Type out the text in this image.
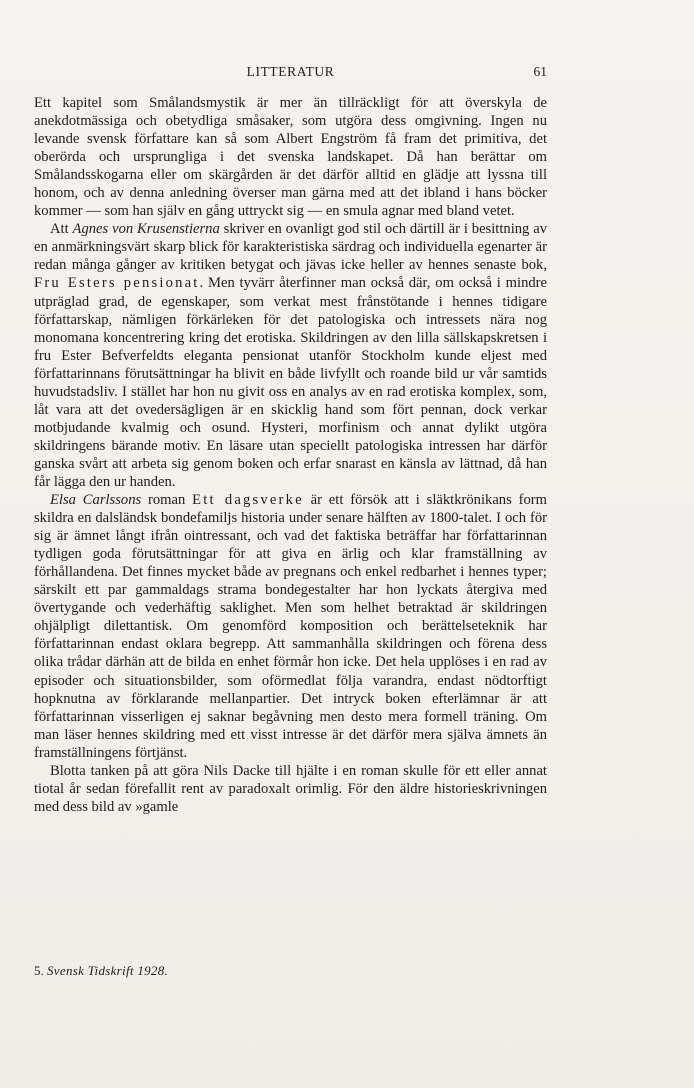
LITTERATUR	61

Ett kapitel som Smålandsmystik är mer än tillräckligt för att överskyla de anekdotmässiga och obetydliga småsaker, som utgöra dess omgivning. Ingen nu levande svensk författare kan så som Albert Engström få fram det primitiva, det oberörda och ursprungliga i det svenska landskapet. Då han berättar om Smålandsskogarna eller om skärgården är det därför alltid en glädje att lyssna till honom, och av denna anledning överser man gärna med att det ibland i hans böcker kommer — som han själv en gång uttryckt sig — en smula agnar med bland vetet.

Att Agnes von Krusenstierna skriver en ovanligt god stil och därtill är i besittning av en anmärkningsvärt skarp blick för karakteristiska särdrag och individuella egenarter är redan många gånger av kritiken betygat och jävas icke heller av hennes senaste bok, Fru Esters pensionat. Men tyvärr återfinner man också där, om också i mindre utpräglad grad, de egenskaper, som verkat mest frånstötande i hennes tidigare författarskap, nämligen förkärleken för det patologiska och intressets nära nog monomana koncentrering kring det erotiska. Skildringen av den lilla sällskapskretsen i fru Ester Befverfeldts eleganta pensionat utanför Stockholm kunde eljest med författarinnans förutsättningar ha blivit en både livfyllt och roande bild ur vår samtids huvudstadsliv. I stället har hon nu givit oss en analys av en rad erotiska komplex, som, låt vara att det ovedersägligen är en skicklig hand som fört pennan, dock verkar motbjudande kvalmig och osund. Hysteri, morfinism och annat dylikt utgöra skildringens bärande motiv. En läsare utan speciellt patologiska intressen har därför ganska svårt att arbeta sig genom boken och erfar snarast en känsla av lättnad, då han får lägga den ur handen.

Elsa Carlssons roman Ett dagsverke är ett försök att i släktkrönikans form skildra en dalsländsk bondefamiljs historia under senare hälften av 1800-talet. I och för sig är ämnet långt ifrån ointressant, och vad det faktiska beträffar har författarinnan tydligen goda förutsättningar för att giva en ärlig och klar framställning av förhållandena. Det finnes mycket både av pregnans och enkel redbarhet i hennes typer; särskilt ett par gammaldags strama bondegestalter har hon lyckats återgiva med övertygande och vederhäftig saklighet. Men som helhet betraktad är skildringen ohjälpligt dilettantisk. Om genomförd komposition och berättelseteknik har författarinnan endast oklara begrepp. Att sammanhålla skildringen och förena dess olika trådar därhän att de bilda en enhet förmår hon icke. Det hela upplöses i en rad av episoder och situationsbilder, som oförmedlat följa varandra, endast nödtorftigt hopknutna av förklarande mellanpartier. Det intryck boken efterlämnar är att författarinnan visserligen ej saknar begåvning men desto mera formell träning. Om man läser hennes skildring med ett visst intresse är det därför mera själva ämnets än framställningens förtjänst.

Blotta tanken på att göra Nils Dacke till hjälte i en roman skulle för ett eller annat tiotal år sedan förefallit rent av paradoxalt orimlig. För den äldre historieskrivningen med dess bild av »gamle

5. Svensk Tidskrift 1928.
